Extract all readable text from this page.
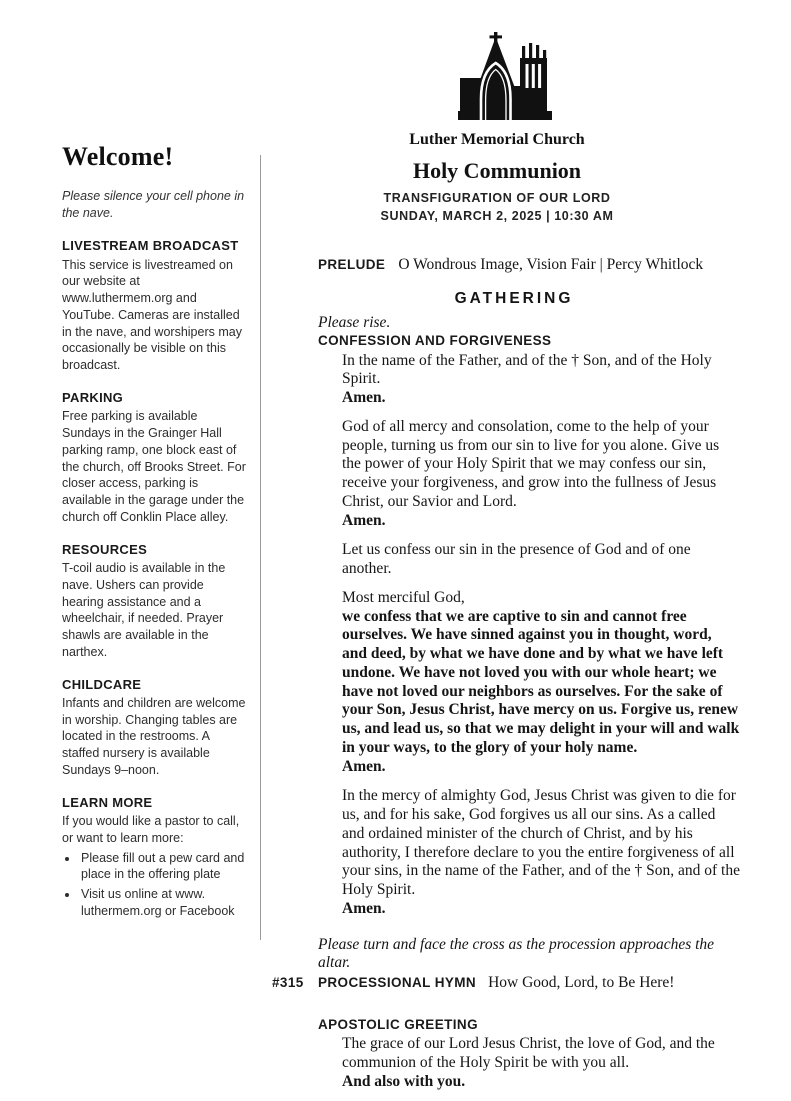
Welcome!

Please silence your cell phone in the nave.

LIVESTREAM BROADCAST

This service is livestreamed on our website at www.luthermem.org and YouTube. Cameras are installed in the nave, and worshipers may occasionally be visible on this broadcast.

PARKING

Free parking is available Sundays in the Grainger Hall parking ramp, one block east of the church, off Brooks Street. For closer access, parking is available in the garage under the church off Conklin Place alley.

RESOURCES

T-coil audio is available in the nave. Ushers can provide hearing assistance and a wheelchair, if needed. Prayer shawls are available in the narthex.

CHILDCARE

Infants and children are welcome in worship. Changing tables are located in the restrooms. A staffed nursery is available Sundays 9–noon.

LEARN MORE

If you would like a pastor to call, or want to learn more:

• Please fill out a pew card and place in the offering plate
• Visit us online at www. luthermem.org or Facebook

Luther Memorial Church

Holy Communion

TRANSFIGURATION OF OUR LORD

SUNDAY, MARCH 2, 2025 | 10:30 AM

PRELUDE O Wondrous Image, Vision Fair | Percy Whitlock
GATHERING

Please rise.

CONFESSION AND FORGIVENESS

In the name of the Father, and of the † Son, and of the Holy Spirit.

Amen.

God of all mercy and consolation, come to the help of your people, turning us from our sin to live for you alone. Give us the power of your Holy Spirit that we may confess our sin, receive your forgiveness, and grow into the fullness of Jesus Christ, our Savior and Lord.

Amen.

Let us confess our sin in the presence of God and of one another.

Most merciful God,

we confess that we are captive to sin and cannot free ourselves. We have sinned against you in thought, word, and deed, by what we have done and by what we have left undone. We have not loved you with our whole heart; we have not loved our neighbors as ourselves. For the sake of your Son, Jesus Christ, have mercy on us. Forgive us, renew us, and lead us, so that we may delight in your will and walk in your ways, to the glory of your holy name.

Amen.

In the mercy of almighty God, Jesus Christ was given to die for us, and for his sake, God forgives us all our sins. As a called and ordained minister of the church of Christ, and by his authority, I therefore declare to you the entire forgiveness of all your sins, in the name of the Father, and of the † Son, and of the Holy Spirit.

Amen.

Please turn and face the cross as the procession approaches the altar.

#315	PROCESSIONAL HYMN How Good, Lord, to Be Here!
APOSTOLIC GREETING

The grace of our Lord Jesus Christ, the love of God, and the communion of the Holy Spirit be with you all.

And also with you.
